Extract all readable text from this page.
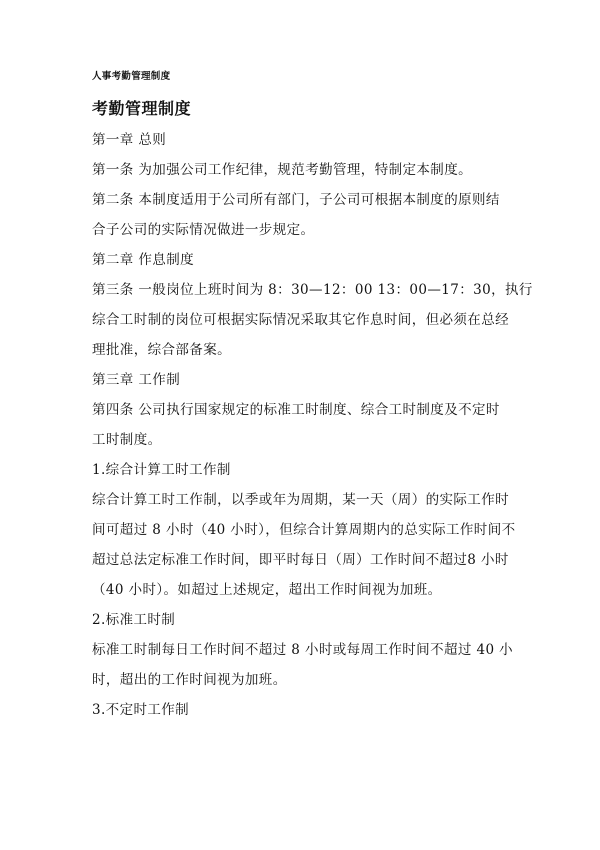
人事考勤管理制度
考勤管理制度
第一章 总则
第一条 为加强公司工作纪律，规范考勤管理，特制定本制度。
第二条 本制度适用于公司所有部门，子公司可根据本制度的原则结
合子公司的实际情况做进一步规定。
第二章 作息制度
第三条 一般岗位上班时间为 8：30—12：00 13：00—17：30，执行
综合工时制的岗位可根据实际情况采取其它作息时间，但必须在总经
理批准，综合部备案。
第三章 工作制
第四条 公司执行国家规定的标准工时制度、综合工时制度及不定时
工时制度。
1.综合计算工时工作制
综合计算工时工作制，以季或年为周期，某一天（周）的实际工作时
间可超过 8 小时（40 小时），但综合计算周期内的总实际工作时间不
超过总法定标准工作时间，即平时每日（周）工作时间不超过8 小时
（40 小时）。如超过上述规定，超出工作时间视为加班。
2.标准工时制
标准工时制每日工作时间不超过 8 小时或每周工作时间不超过 40 小
时，超出的工作时间视为加班。
3.不定时工作制
